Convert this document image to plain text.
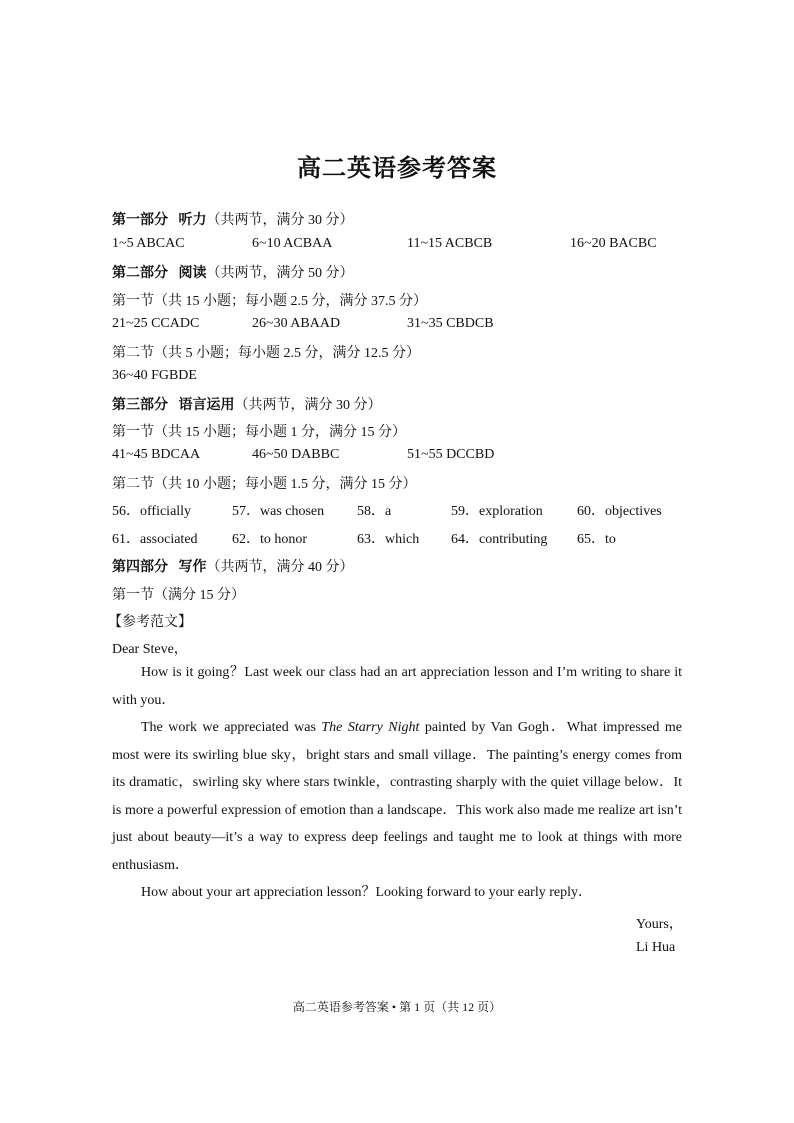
高二英语参考答案
第一部分 听力（共两节，满分 30 分）
1~5 ABCAC	6~10 ACBAA	11~15 ACBCB	16~20 BACBC
第二部分 阅读（共两节，满分 50 分）
第一节（共 15 小题；每小题 2.5 分，满分 37.5 分）
21~25 CCADC	26~30 ABAAD	31~35 CBDCB
第二节（共 5 小题；每小题 2.5 分，满分 12.5 分）
36~40 FGBDE
第三部分 语言运用（共两节，满分 30 分）
第一节（共 15 小题；每小题 1 分，满分 15 分）
41~45 BDCAA	46~50 DABBC	51~55 DCCBD
第二节（共 10 小题；每小题 1.5 分，满分 15 分）
56．officially	57．was chosen 58．a	59．exploration 60．objectives
61．associated 62．to honor	63．which 64．contributing 65．to
第四部分 写作（共两节，满分 40 分）
第一节（满分 15 分）
【参考范文】
Dear Steve，
How is it going？Last week our class had an art appreciation lesson and I’m writing to share it with you．
The work we appreciated was The Starry Night painted by Van Gogh．What impressed me most were its swirling blue sky，bright stars and small village．The painting’s energy comes from its dramatic，swirling sky where stars twinkle，contrasting sharply with the quiet village below．It is more a powerful expression of emotion than a landscape．This work also made me realize art isn’t just about beauty—it’s a way to express deep feelings and taught me to look at things with more enthusiasm．
How about your art appreciation lesson？Looking forward to your early reply．
Yours，
Li Hua
高二英语参考答案 • 第 1 页（共 12 页）
